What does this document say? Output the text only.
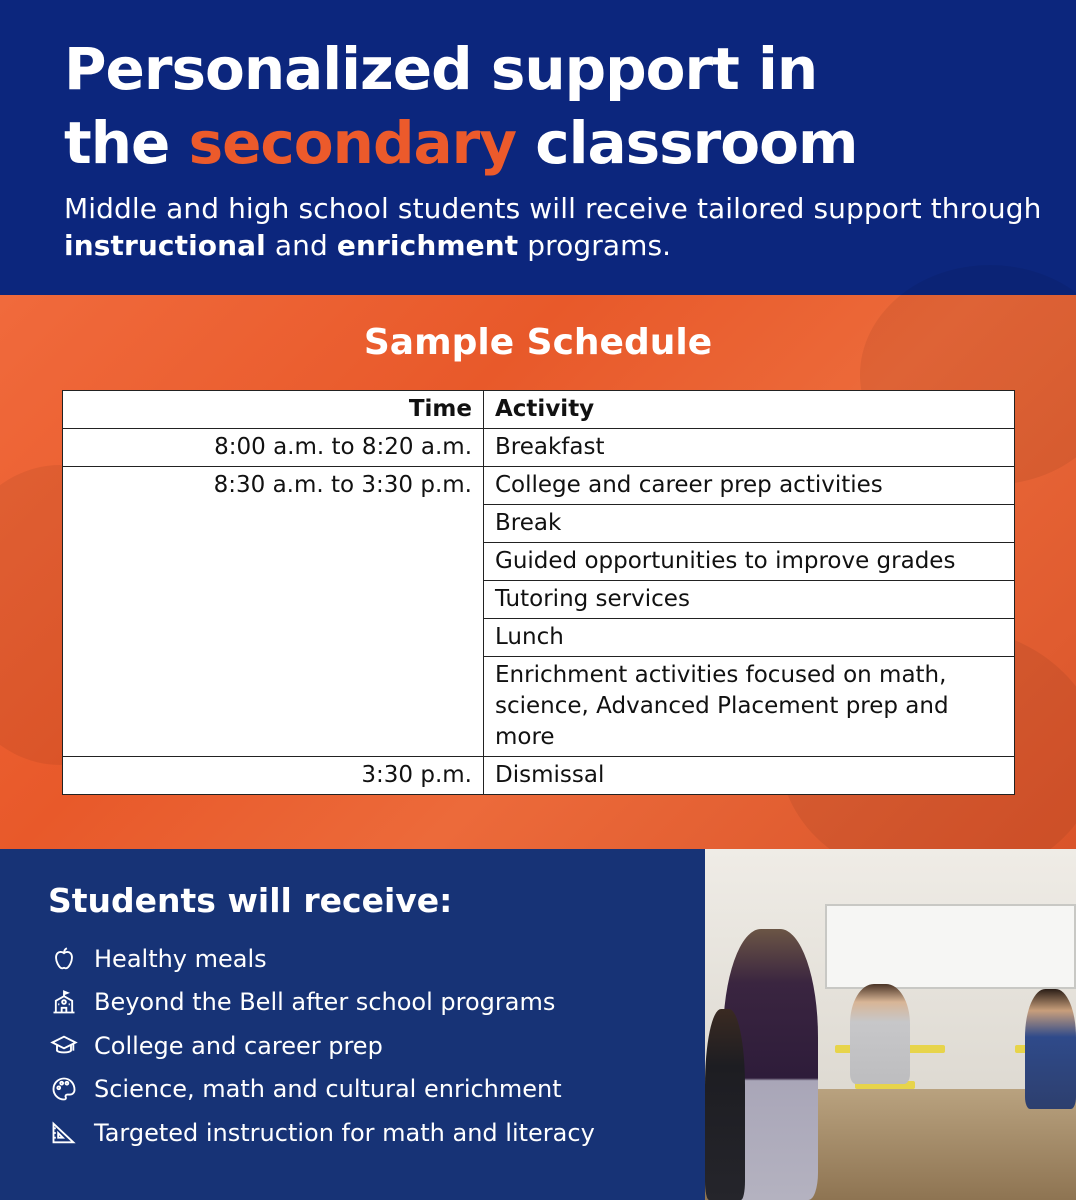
Personalized support in
the secondary classroom
Middle and high school students will receive tailored support through instructional and enrichment programs.
Sample Schedule
Time	Activity
8:00 a.m. to 8:20 a.m.	Breakfast
8:30 a.m. to 3:30 p.m.	College and career prep activities
	Break
	Guided opportunities to improve grades
	Tutoring services
	Lunch
	Enrichment activities focused on math, science, Advanced Placement prep and more
3:30 p.m.	Dismissal
Students will receive:
Healthy meals
Beyond the Bell after school programs
College and career prep
Science, math and cultural enrichment
Targeted instruction for math and literacy
